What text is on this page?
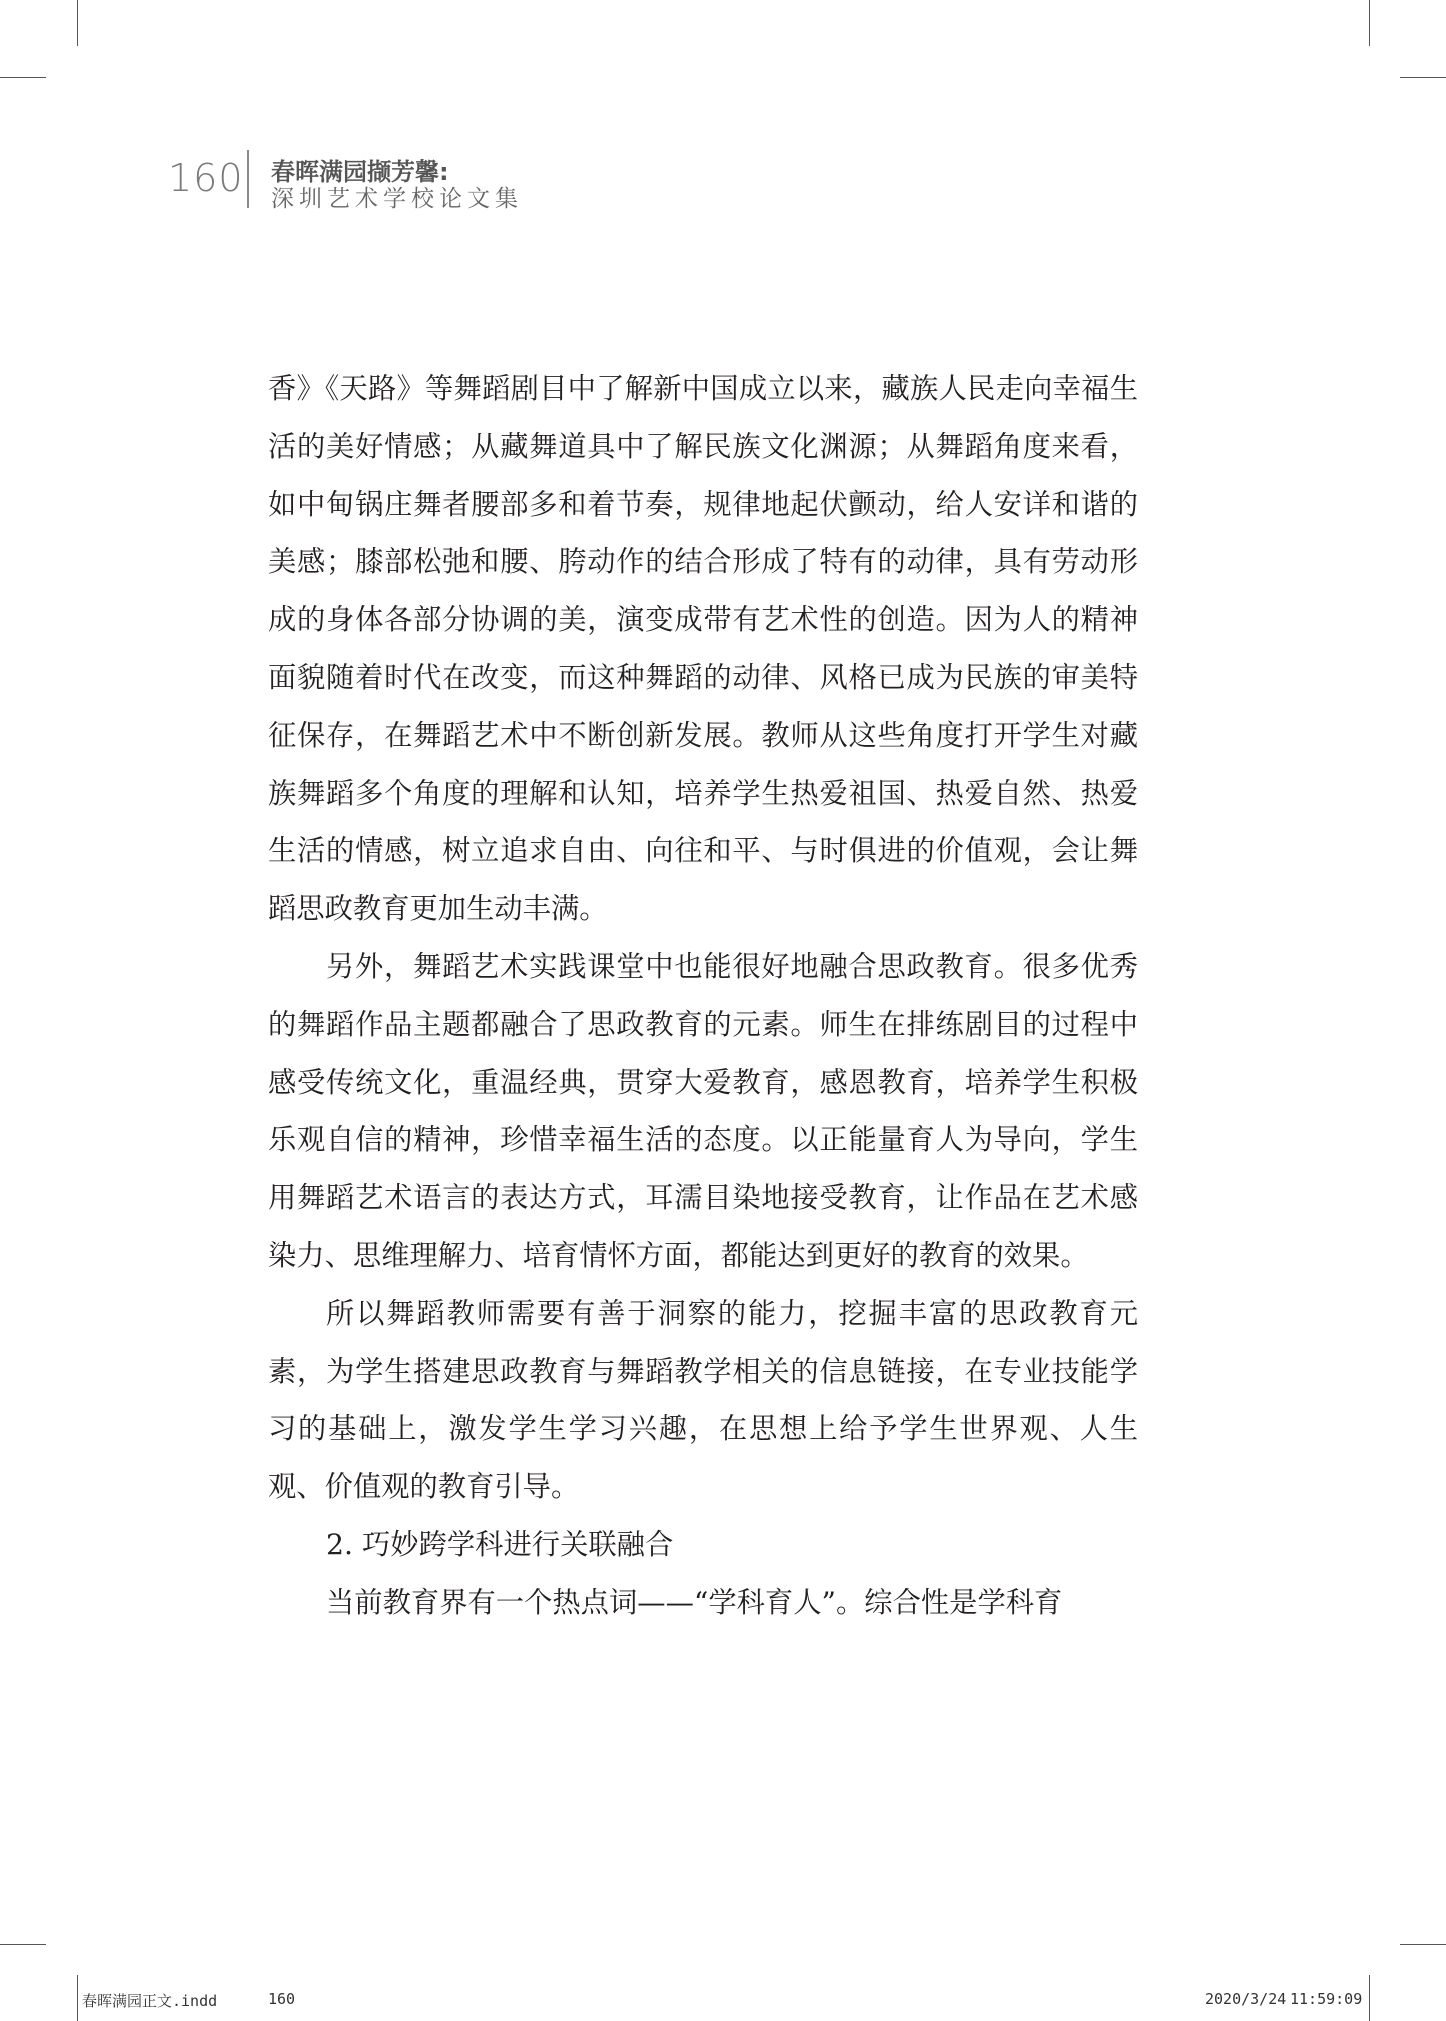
160 春晖满园撷芳馨:
深圳艺术学校论文集

香》《天路》等舞蹈剧目中了解新中国成立以来，藏族人民走向幸福生活的美好情感；从藏舞道具中了解民族文化渊源；从舞蹈角度来看，如中甸锅庄舞者腰部多和着节奏，规律地起伏颤动，给人安详和谐的美感；膝部松弛和腰、胯动作的结合形成了特有的动律，具有劳动形成的身体各部分协调的美，演变成带有艺术性的创造。因为人的精神面貌随着时代在改变，而这种舞蹈的动律、风格已成为民族的审美特征保存，在舞蹈艺术中不断创新发展。教师从这些角度打开学生对藏族舞蹈多个角度的理解和认知，培养学生热爱祖国、热爱自然、热爱生活的情感，树立追求自由、向往和平、与时俱进的价值观，会让舞蹈思政教育更加生动丰满。

另外，舞蹈艺术实践课堂中也能很好地融合思政教育。很多优秀的舞蹈作品主题都融合了思政教育的元素。师生在排练剧目的过程中感受传统文化，重温经典，贯穿大爱教育，感恩教育，培养学生积极乐观自信的精神，珍惜幸福生活的态度。以正能量育人为导向，学生用舞蹈艺术语言的表达方式，耳濡目染地接受教育，让作品在艺术感染力、思维理解力、培育情怀方面，都能达到更好的教育的效果。

所以舞蹈教师需要有善于洞察的能力，挖掘丰富的思政教育元素，为学生搭建思政教育与舞蹈教学相关的信息链接，在专业技能学习的基础上，激发学生学习兴趣，在思想上给予学生世界观、人生观、价值观的教育引导。

2. 巧妙跨学科进行关联融合

当前教育界有一个热点词——“学科育人”。综合性是学科育

春晖满园正文.indd	160	2020/3/24 11:59:09
